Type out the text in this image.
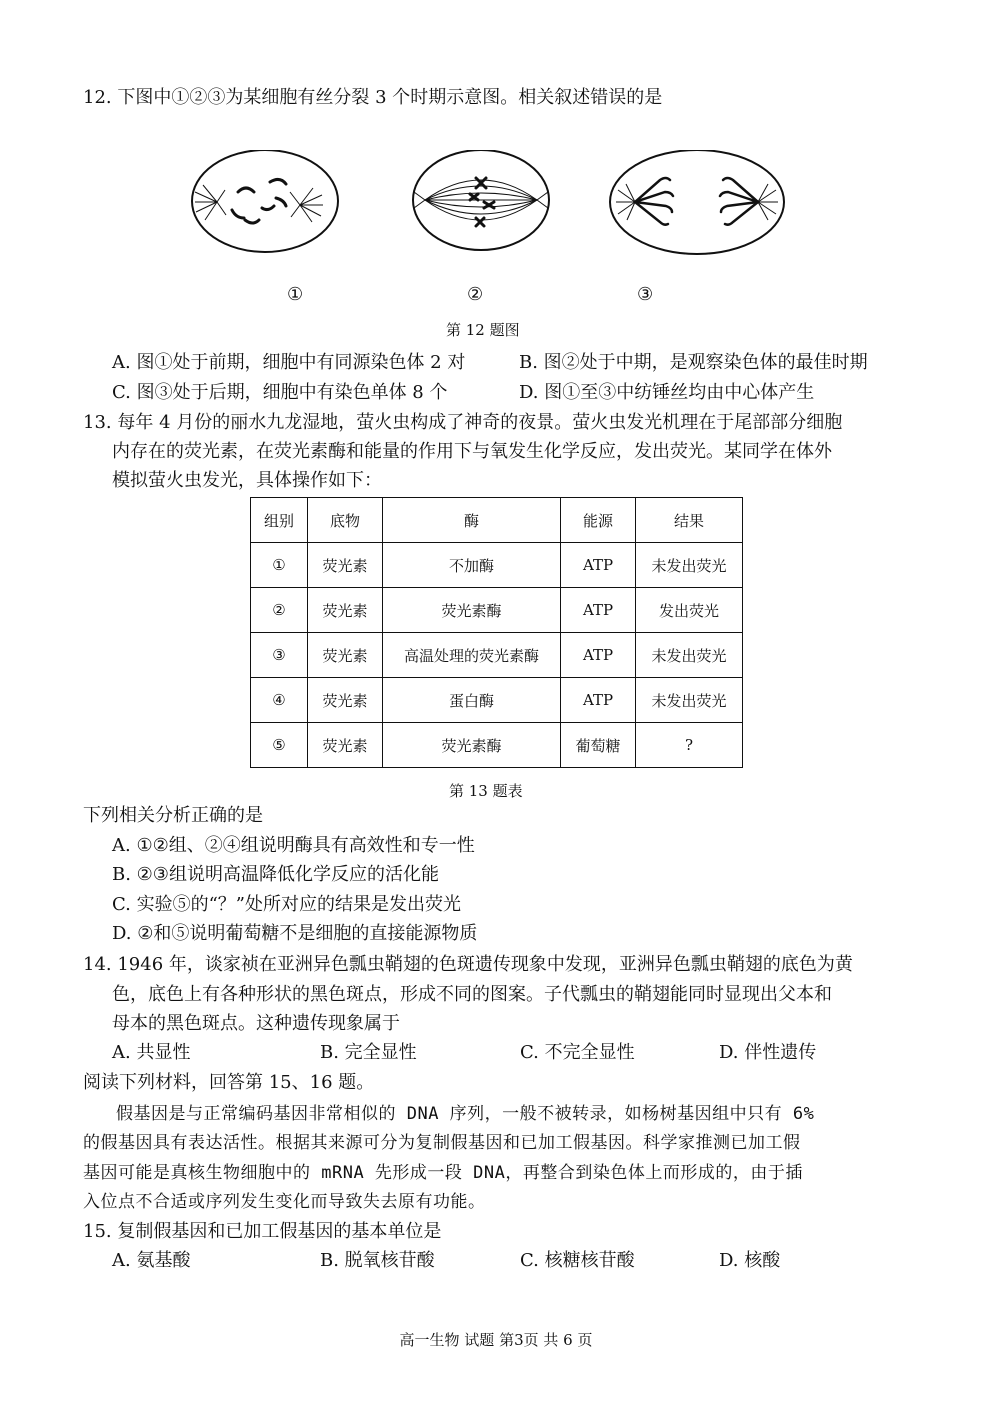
12. 下图中①②③为某细胞有丝分裂 3 个时期示意图。相关叙述错误的是
①	②	③
第 12 题图
A. 图①处于前期，细胞中有同源染色体 2 对	B. 图②处于中期，是观察染色体的最佳时期
C. 图③处于后期，细胞中有染色单体 8 个	D. 图①至③中纺锤丝均由中心体产生
13. 每年 4 月份的丽水九龙湿地，萤火虫构成了神奇的夜景。萤火虫发光机理在于尾部部分细胞
内存在的荧光素，在荧光素酶和能量的作用下与氧发生化学反应，发出荧光。某同学在体外
模拟萤火虫发光，具体操作如下：
组别	底物	酶	能源	结果
①	荧光素	不加酶	ATP	未发出荧光
②	荧光素	荧光素酶	ATP	发出荧光
③	荧光素	高温处理的荧光素酶	ATP	未发出荧光
④	荧光素	蛋白酶	ATP	未发出荧光
⑤	荧光素	荧光素酶	葡萄糖	?
第 13 题表
下列相关分析正确的是
A. ①②组、②④组说明酶具有高效性和专一性
B. ②③组说明高温降低化学反应的活化能
C. 实验⑤的“？”处所对应的结果是发出荧光
D. ②和⑤说明葡萄糖不是细胞的直接能源物质
14. 1946 年，谈家祯在亚洲异色瓢虫鞘翅的色斑遗传现象中发现，亚洲异色瓢虫鞘翅的底色为黄
色，底色上有各种形状的黑色斑点，形成不同的图案。子代瓢虫的鞘翅能同时显现出父本和
母本的黑色斑点。这种遗传现象属于
A. 共显性	B. 完全显性	C. 不完全显性	D. 伴性遗传
阅读下列材料，回答第 15、16 题。
假基因是与正常编码基因非常相似的 DNA 序列，一般不被转录，如杨树基因组中只有 6%
的假基因具有表达活性。根据其来源可分为复制假基因和已加工假基因。科学家推测已加工假
基因可能是真核生物细胞中的 mRNA 先形成一段 DNA，再整合到染色体上而形成的，由于插
入位点不合适或序列发生变化而导致失去原有功能。
15. 复制假基因和已加工假基因的基本单位是
A. 氨基酸	B. 脱氧核苷酸	C. 核糖核苷酸	D. 核酸
高一生物 试题 第3页 共 6 页
